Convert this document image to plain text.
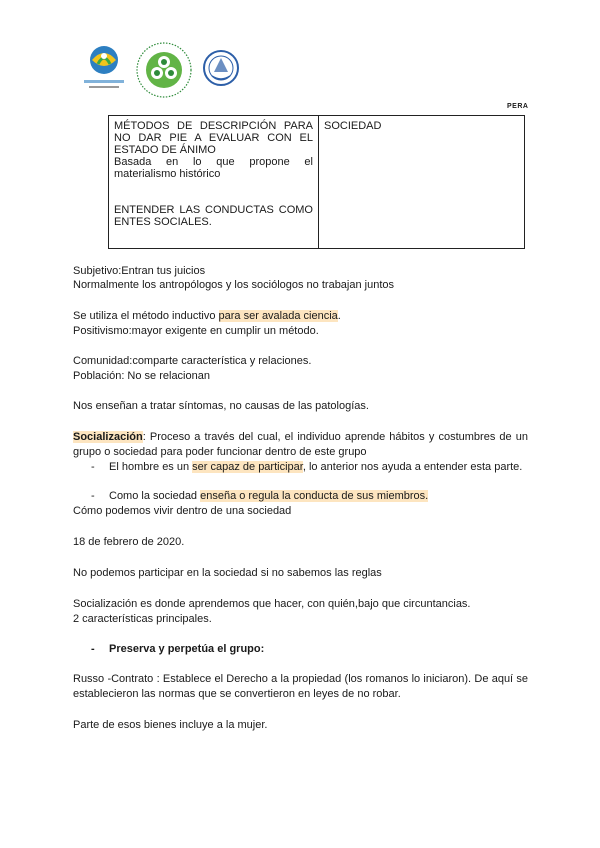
PERA
MÉTODOS DE DESCRIPCIÓN PARA NO DAR PIE A EVALUAR CON EL ESTADO DE ÁNIMO
Basada en lo que propone el materialismo histórico
ENTENDER LAS CONDUCTAS COMO ENTES SOCIALES.
	SOCIEDAD

Subjetivo:Entran tus juicios

Normalmente los antropólogos y los sociólogos no trabajan juntos

Se utiliza el método inductivo para ser avalada ciencia.

Positivismo:mayor exigente en cumplir un método.

Comunidad:comparte característica y relaciones.

Población: No se relacionan

Nos enseñan a tratar síntomas, no causas de las patologías.

Socialización: Proceso a través del cual, el individuo aprende hábitos y costumbres de un grupo o sociedad para poder funcionar dentro de este grupo

- El hombre es un ser capaz de participar, lo anterior nos ayuda a entender esta parte.
- Como la sociedad enseña o regula la conducta de sus miembros.

Cómo podemos vivir dentro de una sociedad

18 de febrero de 2020.

No podemos participar en la sociedad si no sabemos las reglas

Socialización es donde aprendemos que hacer, con quién,bajo que circuntancias.

2 características principales.

- Preserva y perpetúa el grupo:

Russo -Contrato : Establece el Derecho a la propiedad (los romanos lo iniciaron). De aquí se establecieron las normas que se convertieron en leyes de no robar.

Parte de esos bienes incluye a la mujer.
